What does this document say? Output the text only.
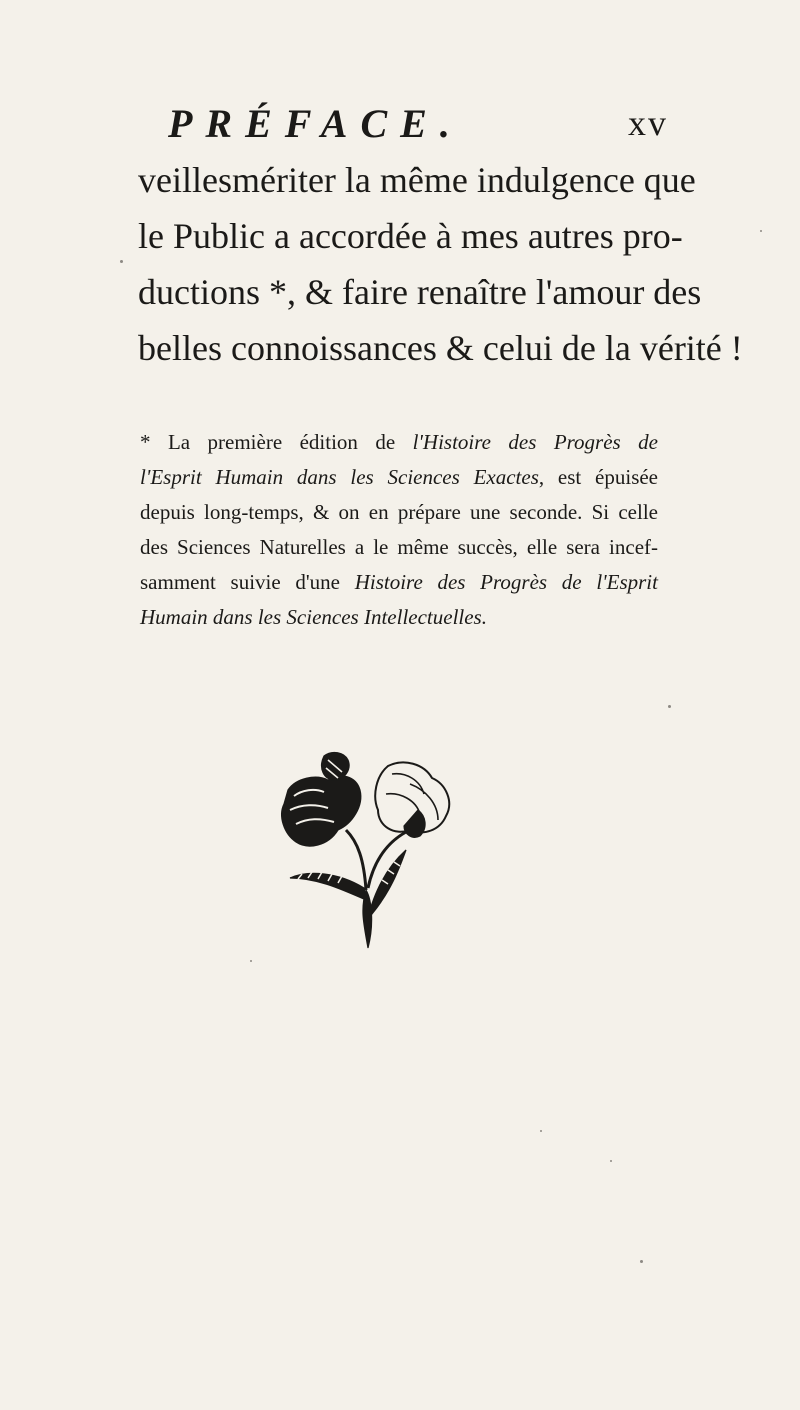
PRÉFACE.	xv
veillesmériter la même indulgence que
le Public a accordée à mes autres pro-
ductions *, & faire renaître l'amour des
belles connoissances & celui de la vérité !
* La première édition de l'Histoire des Progrès de
l'Esprit Humain dans les Sciences Exactes, est épuisée
depuis long-temps, & on en prépare une seconde. Si celle
des Sciences Naturelles a le même succès, elle sera incef-
samment suivie d'une Histoire des Progrès de l'Esprit
Humain dans les Sciences Intellectuelles.
